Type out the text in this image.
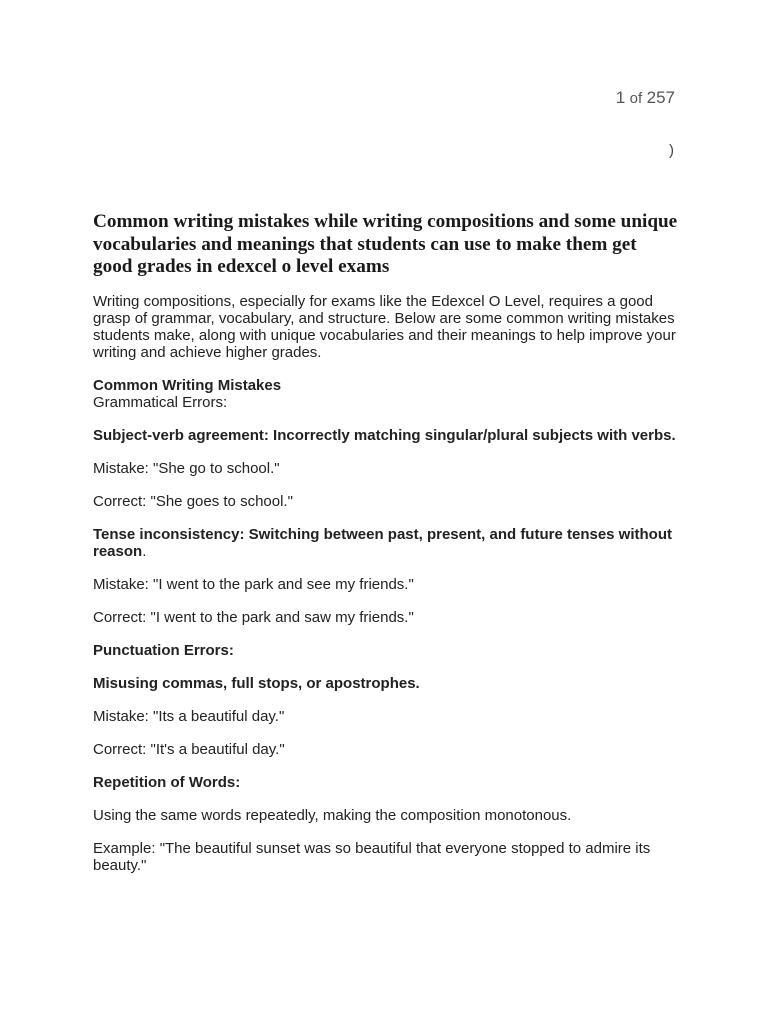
1 of 257
)
Common writing mistakes while writing compositions and some unique vocabularies and meanings that students can use to make them get good grades in edexcel o level exams

Writing compositions, especially for exams like the Edexcel O Level, requires a good grasp of grammar, vocabulary, and structure. Below are some common writing mistakes students make, along with unique vocabularies and their meanings to help improve your writing and achieve higher grades.

Common Writing Mistakes

Grammatical Errors:

Subject-verb agreement: Incorrectly matching singular/plural subjects with verbs.

Mistake: "She go to school."

Correct: "She goes to school."

Tense inconsistency: Switching between past, present, and future tenses without reason.

Mistake: "I went to the park and see my friends."

Correct: "I went to the park and saw my friends."

Punctuation Errors:

Misusing commas, full stops, or apostrophes.

Mistake: "Its a beautiful day."

Correct: "It's a beautiful day."

Repetition of Words:

Using the same words repeatedly, making the composition monotonous.

Example: "The beautiful sunset was so beautiful that everyone stopped to admire its beauty."
